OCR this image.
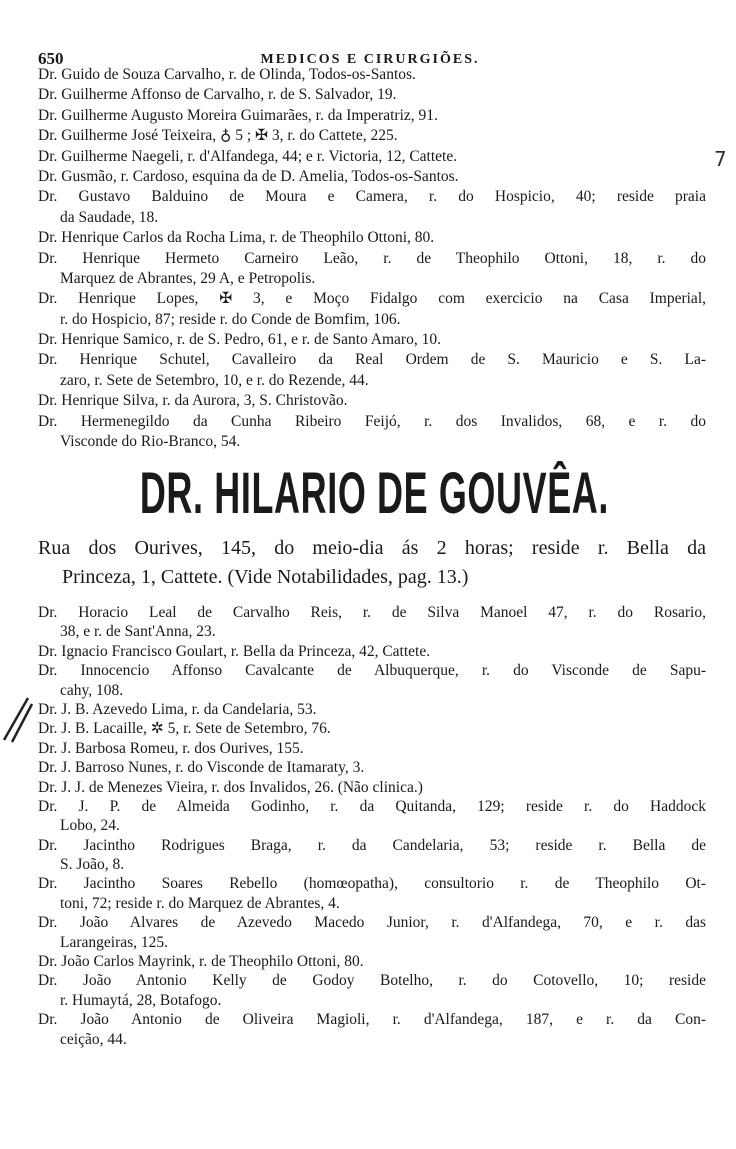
650	MEDICOS E CIRURGIÕES.
Dr. Guido de Souza Carvalho, r. de Olinda, Todos-os-Santos.
Dr. Guilherme Affonso de Carvalho, r. de S. Salvador, 19.
Dr. Guilherme Augusto Moreira Guimarães, r. da Imperatriz, 91.
Dr. Guilherme José Teixeira, ♁ 5 ; ✠ 3, r. do Cattete, 225.
Dr. Guilherme Naegeli, r. d'Alfandega, 44; e r. Victoria, 12, Cattete.
Dr. Gusmão, r. Cardoso, esquina da de D. Amelia, Todos-os-Santos.
Dr. Gustavo Balduino de Moura e Camera, r. do Hospicio, 40; reside praia
da Saudade, 18.
Dr. Henrique Carlos da Rocha Lima, r. de Theophilo Ottoni, 80.
Dr. Henrique Hermeto Carneiro Leão, r. de Theophilo Ottoni, 18, r. do
Marquez de Abrantes, 29 A, e Petropolis.
Dr. Henrique Lopes, ✠ 3, e Moço Fidalgo com exercicio na Casa Imperial,
r. do Hospicio, 87; reside r. do Conde de Bomfim, 106.
Dr. Henrique Samico, r. de S. Pedro, 61, e r. de Santo Amaro, 10.
Dr. Henrique Schutel, Cavalleiro da Real Ordem de S. Mauricio e S. La-
zaro, r. Sete de Setembro, 10, e r. do Rezende, 44.
Dr. Henrique Silva, r. da Aurora, 3, S. Christovão.
Dr. Hermenegildo da Cunha Ribeiro Feijó, r. dos Invalidos, 68, e r. do
Visconde do Rio-Branco, 54.
DR. HILARIO DE GOUVÊA.
Rua dos Ourives, 145, do meio-dia ás 2 horas; reside r. Bella da
Princeza, 1, Cattete. (Vide Notabilidades, pag. 13.)
Dr. Horacio Leal de Carvalho Reis, r. de Silva Manoel 47, r. do Rosario,
38, e r. de Sant'Anna, 23.
Dr. Ignacio Francisco Goulart, r. Bella da Princeza, 42, Cattete.
Dr. Innocencio Affonso Cavalcante de Albuquerque, r. do Visconde de Sapu-
cahy, 108.
Dr. J. B. Azevedo Lima, r. da Candelaria, 53.
Dr. J. B. Lacaille, ✲ 5, r. Sete de Setembro, 76.
Dr. J. Barbosa Romeu, r. dos Ourives, 155.
Dr. J. Barroso Nunes, r. do Visconde de Itamaraty, 3.
Dr. J. J. de Menezes Vieira, r. dos Invalidos, 26. (Não clinica.)
Dr. J. P. de Almeida Godinho, r. da Quitanda, 129; reside r. do Haddock
Lobo, 24.
Dr. Jacintho Rodrigues Braga, r. da Candelaria, 53; reside r. Bella de
S. João, 8.
Dr. Jacintho Soares Rebello (homœopatha), consultorio r. de Theophilo Ot-
toni, 72; reside r. do Marquez de Abrantes, 4.
Dr. João Alvares de Azevedo Macedo Junior, r. d'Alfandega, 70, e r. das
Larangeiras, 125.
Dr. João Carlos Mayrink, r. de Theophilo Ottoni, 80.
Dr. João Antonio Kelly de Godoy Botelho, r. do Cotovello, 10; reside
r. Humaytá, 28, Botafogo.
Dr. João Antonio de Oliveira Magioli, r. d'Alfandega, 187, e r. da Con-
ceição, 44.
7
